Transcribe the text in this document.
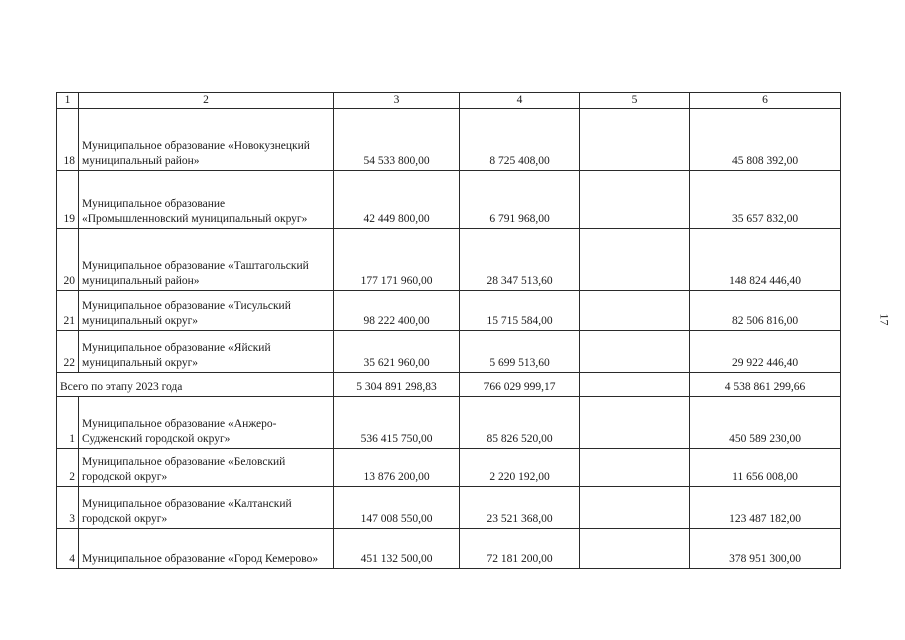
1	2	3	4	5	6
18	Муниципальное образование «Новокузнецкий муниципальный район»	54 533 800,00	8 725 408,00		45 808 392,00
19	Муниципальное образование «Промышленновский муниципальный округ»	42 449 800,00	6 791 968,00		35 657 832,00
20	Муниципальное образование «Таштагольский муниципальный район»	177 171 960,00	28 347 513,60		148 824 446,40
21	Муниципальное образование «Тисульский муниципальный округ»	98 222 400,00	15 715 584,00		82 506 816,00
22	Муниципальное образование «Яйский муниципальный округ»	35 621 960,00	5 699 513,60		29 922 446,40
Всего по этапу 2023 года		5 304 891 298,83	766 029 999,17		4 538 861 299,66
1	Муниципальное образование «Анжеро-Судженский городской округ»	536 415 750,00	85 826 520,00		450 589 230,00
2	Муниципальное образование «Беловский городской округ»	13 876 200,00	2 220 192,00		11 656 008,00
3	Муниципальное образование «Калтанский городской округ»	147 008 550,00	23 521 368,00		123 487 182,00
4	Муниципальное образование «Город Кемерово»	451 132 500,00	72 181 200,00		378 951 300,00
17
